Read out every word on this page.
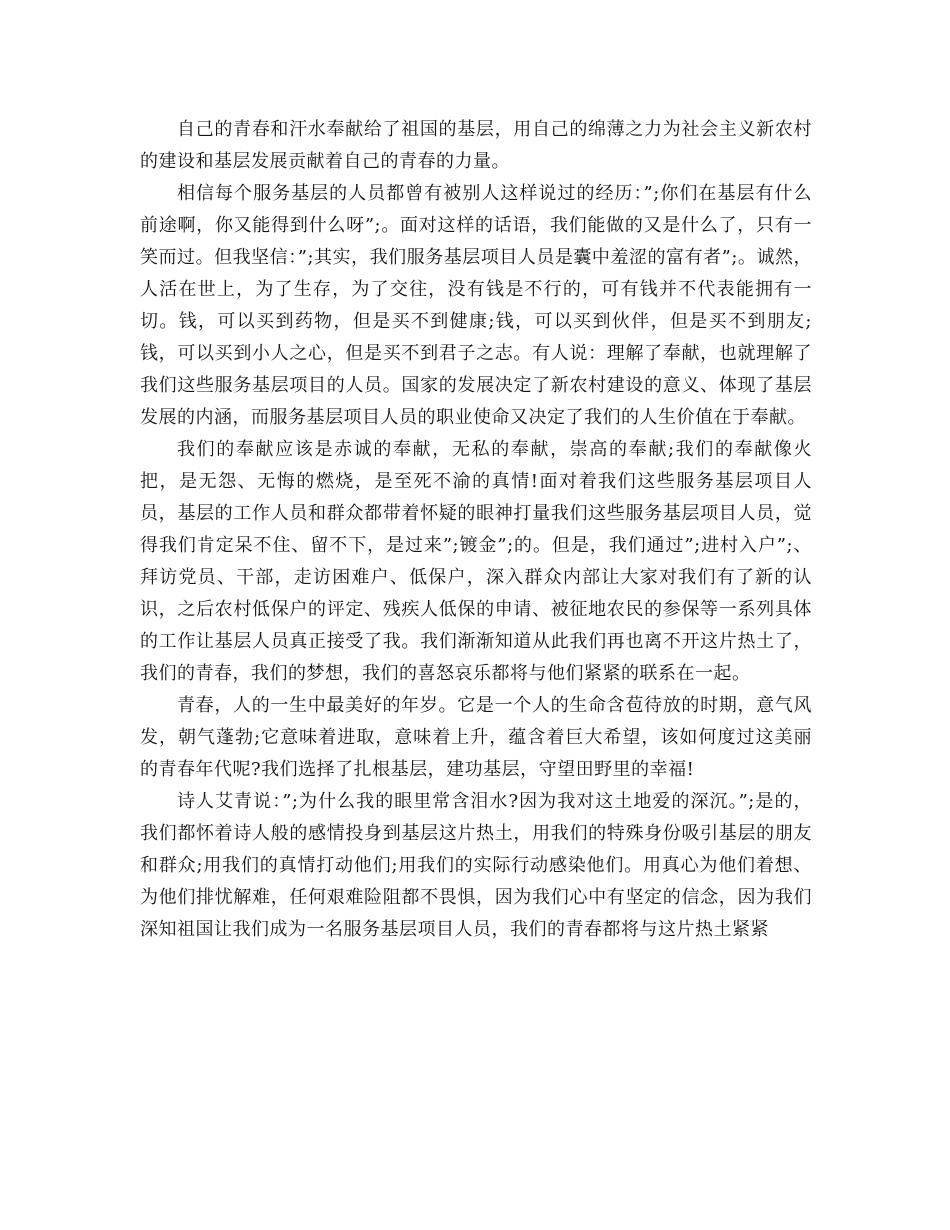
自己的青春和汗水奉献给了祖国的基层，用自己的绵薄之力为社会主义新农村的建设和基层发展贡献着自己的青春的力量。

相信每个服务基层的人员都曾有被别人这样说过的经历：”;你们在基层有什么前途啊，你又能得到什么呀”;。面对这样的话语，我们能做的又是什么了，只有一笑而过。但我坚信：”;其实，我们服务基层项目人员是囊中羞涩的富有者”;。诚然，人活在世上，为了生存，为了交往，没有钱是不行的，可有钱并不代表能拥有一切。钱，可以买到药物，但是买不到健康;钱，可以买到伙伴，但是买不到朋友;钱，可以买到小人之心，但是买不到君子之志。有人说：理解了奉献，也就理解了我们这些服务基层项目的人员。国家的发展决定了新农村建设的意义、体现了基层发展的内涵，而服务基层项目人员的职业使命又决定了我们的人生价值在于奉献。

我们的奉献应该是赤诚的奉献，无私的奉献，崇高的奉献;我们的奉献像火把，是无怨、无悔的燃烧，是至死不渝的真情!面对着我们这些服务基层项目人员，基层的工作人员和群众都带着怀疑的眼神打量我们这些服务基层项目人员，觉得我们肯定呆不住、留不下，是过来”;镀金”;的。但是，我们通过”;进村入户”;、拜访党员、干部，走访困难户、低保户，深入群众内部让大家对我们有了新的认识，之后农村低保户的评定、残疾人低保的申请、被征地农民的参保等一系列具体的工作让基层人员真正接受了我。我们渐渐知道从此我们再也离不开这片热土了，我们的青春，我们的梦想，我们的喜怒哀乐都将与他们紧紧的联系在一起。

青春，人的一生中最美好的年岁。它是一个人的生命含苞待放的时期，意气风发，朝气蓬勃;它意味着进取，意味着上升，蕴含着巨大希望，该如何度过这美丽的青春年代呢?我们选择了扎根基层，建功基层，守望田野里的幸福!

诗人艾青说：”;为什么我的眼里常含泪水?因为我对这土地爱的深沉。”;是的，我们都怀着诗人般的感情投身到基层这片热土，用我们的特殊身份吸引基层的朋友和群众;用我们的真情打动他们;用我们的实际行动感染他们。用真心为他们着想、为他们排忧解难，任何艰难险阻都不畏惧，因为我们心中有坚定的信念，因为我们深知祖国让我们成为一名服务基层项目人员，我们的青春都将与这片热土紧紧
